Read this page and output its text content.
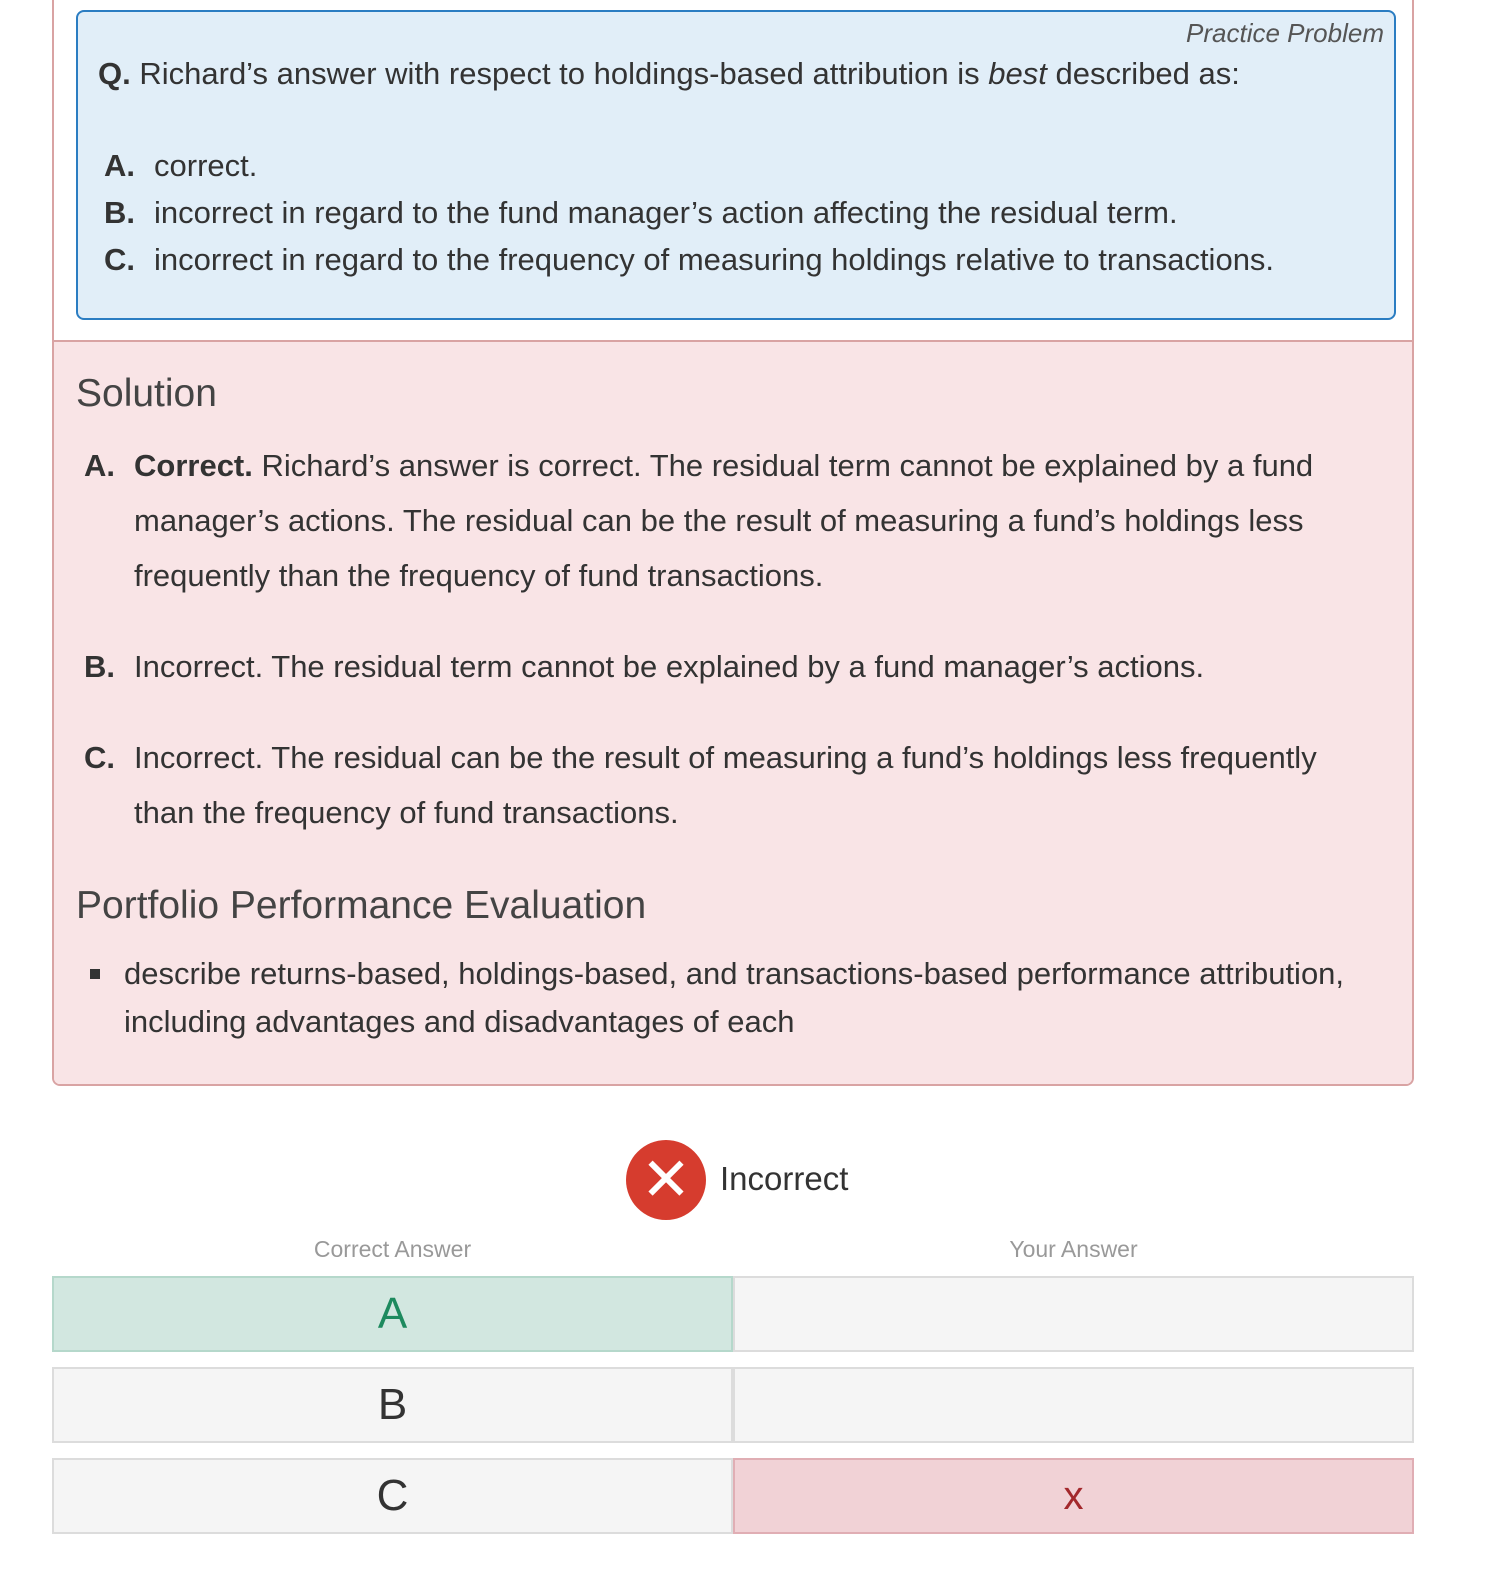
Practice Problem
Q. Richard’s answer with respect to holdings-based attribution is best described as:
A. correct.
B. incorrect in regard to the fund manager’s action affecting the residual term.
C. incorrect in regard to the frequency of measuring holdings relative to transactions.
Solution
A. Correct. Richard’s answer is correct. The residual term cannot be explained by a fund manager’s actions. The residual can be the result of measuring a fund’s holdings less frequently than the frequency of fund transactions.
B. Incorrect. The residual term cannot be explained by a fund manager’s actions.
C. Incorrect. The residual can be the result of measuring a fund’s holdings less frequently than the frequency of fund transactions.
Portfolio Performance Evaluation
describe returns-based, holdings-based, and transactions-based performance attribution, including advantages and disadvantages of each
✕ Incorrect
Correct Answer	Your Answer
A
B
C	x
